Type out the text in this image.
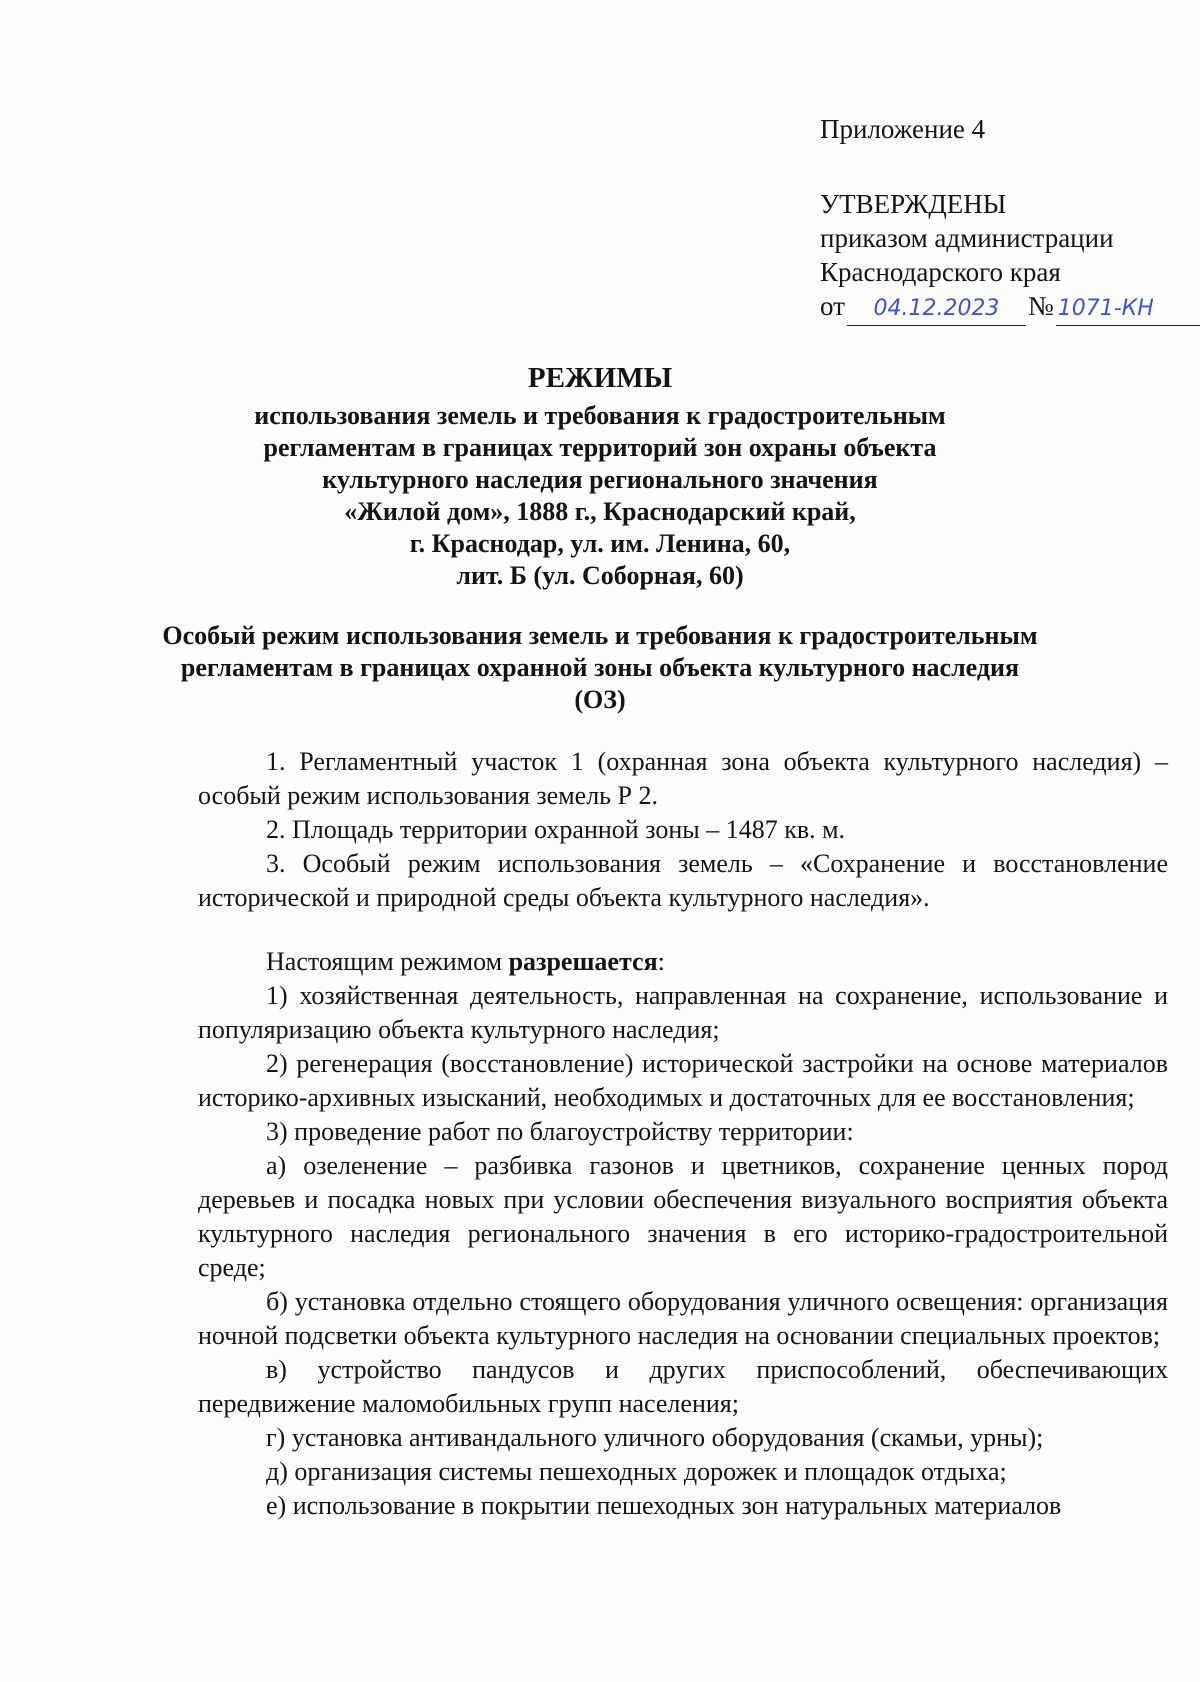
Приложение 4
УТВЕРЖДЕНЫ
приказом администрации
Краснодарского края
от 04.12.2023 № 1071-КН
РЕЖИМЫ
использования земель и требования к градостроительным
регламентам в границах территорий зон охраны объекта
культурного наследия регионального значения
«Жилой дом», 1888 г., Краснодарский край,
г. Краснодар, ул. им. Ленина, 60,
лит. Б (ул. Соборная, 60)
Особый режим использования земель и требования к градостроительным
регламентам в границах охранной зоны объекта культурного наследия
(ОЗ)

1. Регламентный участок 1 (охранная зона объекта культурного наследия) – особый режим использования земель Р 2.

2. Площадь территории охранной зоны – 1487 кв. м.

3. Особый режим использования земель – «Сохранение и восстановление исторической и природной среды объекта культурного наследия».

Настоящим режимом разрешается:

1) хозяйственная деятельность, направленная на сохранение, использование и популяризацию объекта культурного наследия;

2) регенерация (восстановление) исторической застройки на основе материалов историко-архивных изысканий, необходимых и достаточных для ее восстановления;

3) проведение работ по благоустройству территории:

а) озеленение – разбивка газонов и цветников, сохранение ценных пород деревьев и посадка новых при условии обеспечения визуального восприятия объекта культурного наследия регионального значения в его историко-градостроительной среде;

б) установка отдельно стоящего оборудования уличного освещения: организация ночной подсветки объекта культурного наследия на основании специальных проектов;

в) устройство пандусов и других приспособлений, обеспечивающих передвижение маломобильных групп населения;

г) установка антивандального уличного оборудования (скамьи, урны);

д) организация системы пешеходных дорожек и площадок отдыха;

е) использование в покрытии пешеходных зон натуральных материалов
